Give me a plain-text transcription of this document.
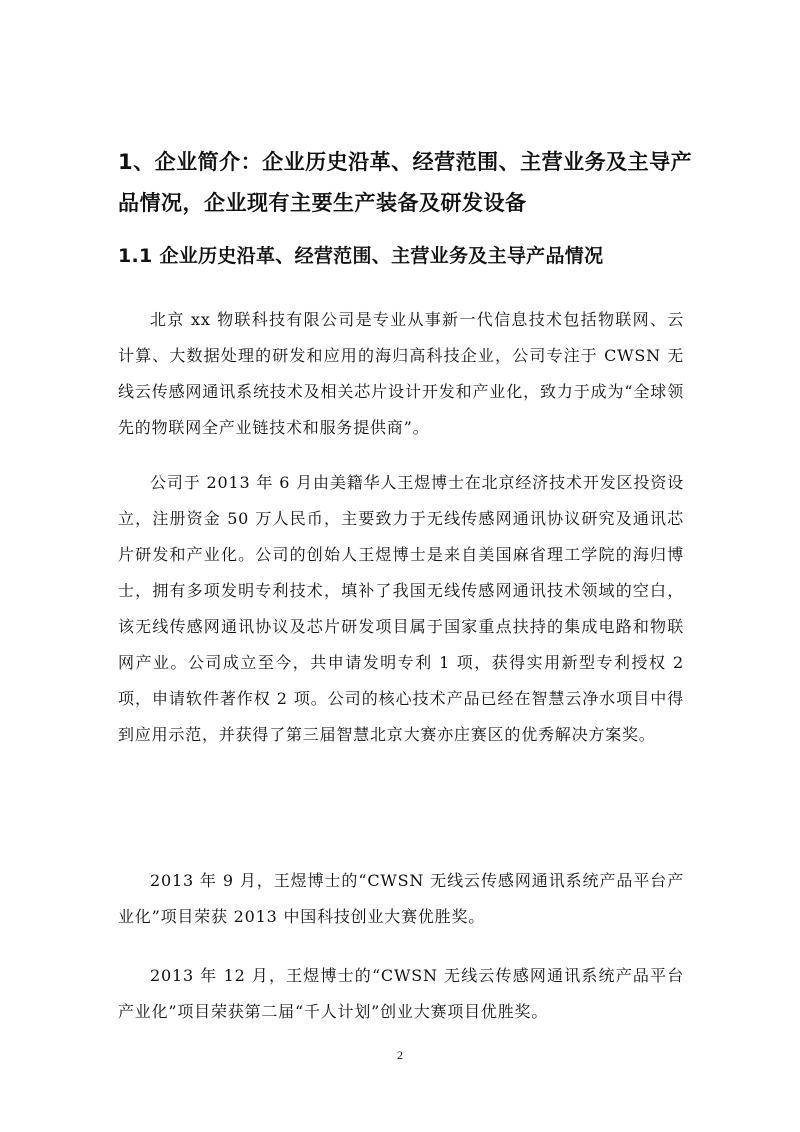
1、企业简介：企业历史沿革、经营范围、主营业务及主导产品情况，企业现有主要生产装备及研发设备
1.1 企业历史沿革、经营范围、主营业务及主导产品情况

北京 xx 物联科技有限公司是专业从事新一代信息技术包括物联网、云计算、大数据处理的研发和应用的海归高科技企业，公司专注于 CWSN 无线云传感网通讯系统技术及相关芯片设计开发和产业化，致力于成为“全球领先的物联网全产业链技术和服务提供商”。

公司于 2013 年 6 月由美籍华人王煜博士在北京经济技术开发区投资设立，注册资金 50 万人民币，主要致力于无线传感网通讯协议研究及通讯芯片研发和产业化。公司的创始人王煜博士是来自美国麻省理工学院的海归博士，拥有多项发明专利技术，填补了我国无线传感网通讯技术领域的空白，该无线传感网通讯协议及芯片研发项目属于国家重点扶持的集成电路和物联网产业。公司成立至今，共申请发明专利 1 项，获得实用新型专利授权 2 项，申请软件著作权 2 项。公司的核心技术产品已经在智慧云净水项目中得到应用示范，并获得了第三届智慧北京大赛亦庄赛区的优秀解决方案奖。

2013 年 9 月，王煜博士的“CWSN 无线云传感网通讯系统产品平台产业化”项目荣获 2013 中国科技创业大赛优胜奖。

2013 年 12 月，王煜博士的“CWSN 无线云传感网通讯系统产品平台产业化”项目荣获第二届“千人计划”创业大赛项目优胜奖。

2
